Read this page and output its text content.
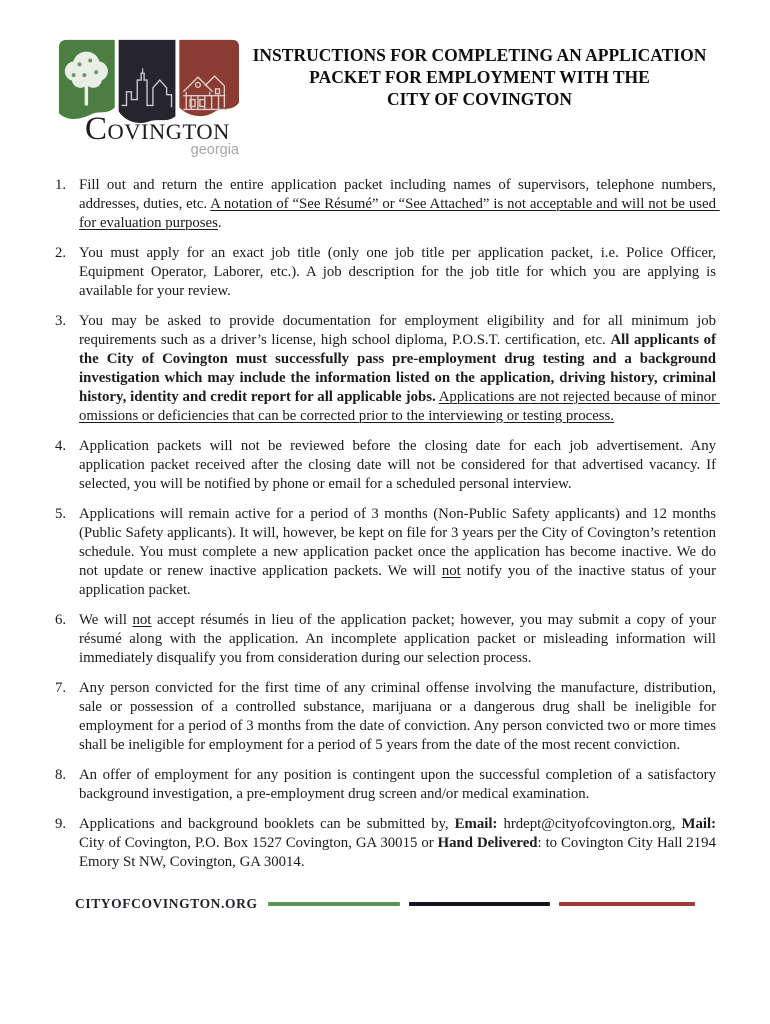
COVINGTON
georgia
INSTRUCTIONS FOR COMPLETING AN APPLICATION
PACKET FOR EMPLOYMENT WITH THE
CITY OF COVINGTON
1. Fill out and return the entire application packet including names of supervisors, telephone numbers, addresses, duties, etc. A notation of “See Résumé” or “See Attached” is not acceptable and will not be used for evaluation purposes.
2. You must apply for an exact job title (only one job title per application packet, i.e. Police Officer, Equipment Operator, Laborer, etc.). A job description for the job title for which you are applying is available for your review.
3. You may be asked to provide documentation for employment eligibility and for all minimum job requirements such as a driver’s license, high school diploma, P.O.S.T. certification, etc. All applicants of the City of Covington must successfully pass pre-employment drug testing and a background investigation which may include the information listed on the application, driving history, criminal history, identity and credit report for all applicable jobs. Applications are not rejected because of minor omissions or deficiencies that can be corrected prior to the interviewing or testing process.
4. Application packets will not be reviewed before the closing date for each job advertisement. Any application packet received after the closing date will not be considered for that advertised vacancy. If selected, you will be notified by phone or email for a scheduled personal interview.
5. Applications will remain active for a period of 3 months (Non-Public Safety applicants) and 12 months (Public Safety applicants). It will, however, be kept on file for 3 years per the City of Covington’s retention schedule. You must complete a new application packet once the application has become inactive. We do not update or renew inactive application packets. We will not notify you of the inactive status of your application packet.
6. We will not accept résumés in lieu of the application packet; however, you may submit a copy of your résumé along with the application. An incomplete application packet or misleading information will immediately disqualify you from consideration during our selection process.
7. Any person convicted for the first time of any criminal offense involving the manufacture, distribution, sale or possession of a controlled substance, marijuana or a dangerous drug shall be ineligible for employment for a period of 3 months from the date of conviction. Any person convicted two or more times shall be ineligible for employment for a period of 5 years from the date of the most recent conviction.
8. An offer of employment for any position is contingent upon the successful completion of a satisfactory background investigation, a pre-employment drug screen and/or medical examination.
9. Applications and background booklets can be submitted by, Email: hrdept@cityofcovington.org, Mail: City of Covington, P.O. Box 1527 Covington, GA 30015 or Hand Delivered: to Covington City Hall 2194 Emory St NW, Covington, GA 30014.
CITYOFCOVINGTON.ORG
